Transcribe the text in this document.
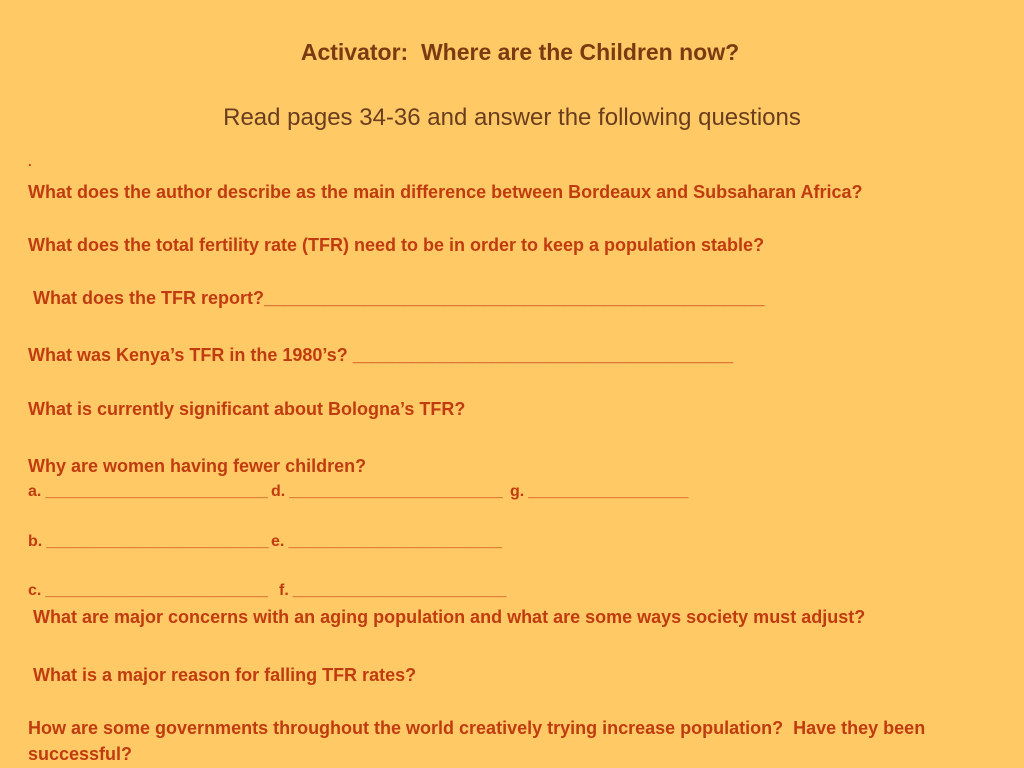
Activator:  Where are the Children now?
Read pages 34-36 and answer the following questions
.
What does the author describe as the main difference between Bordeaux and Subsaharan Africa?
What does the total fertility rate (TFR) need to be in order to keep a population stable?
What does the TFR report? __________________________________________________
What was Kenya’s TFR in the 1980’s? ______________________________________
What is currently significant about Bologna’s TFR?
Why are women having fewer children?
a. _________________________ d. ________________________ g. __________________
b. _________________________ e. ________________________
c. _________________________ f. ________________________
What are major concerns with an aging population and what are some ways society must adjust?
What is a major reason for falling TFR rates?
How are some governments throughout the world creatively trying increase population?  Have they been successful?
